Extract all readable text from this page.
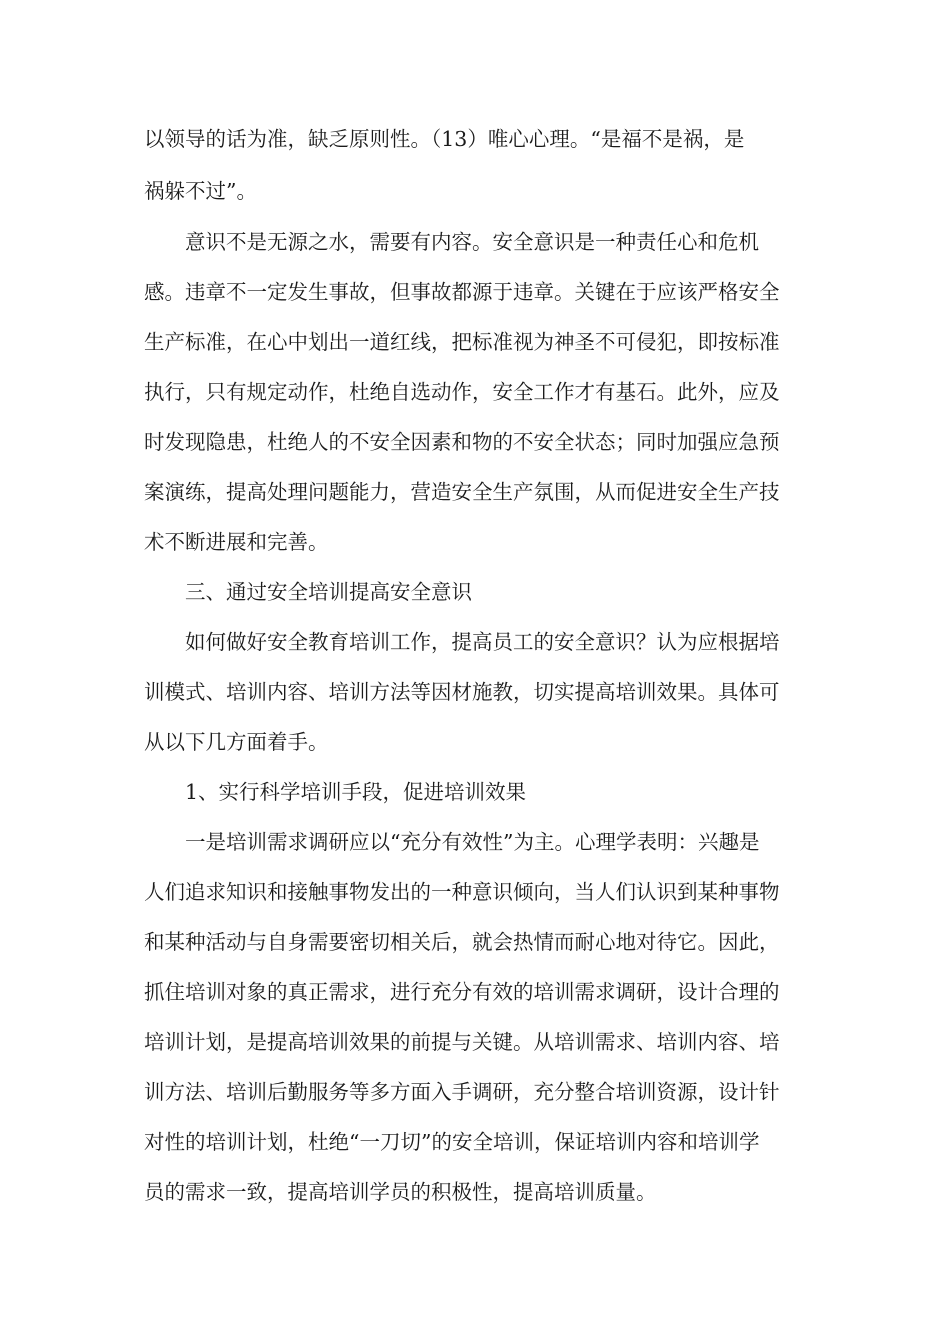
以领导的话为准，缺乏原则性。（13）唯心心理。“是福不是祸，是
祸躲不过”。
意识不是无源之水，需要有内容。安全意识是一种责任心和危机
感。违章不一定发生事故，但事故都源于违章。关键在于应该严格安全
生产标准，在心中划出一道红线，把标准视为神圣不可侵犯，即按标准
执行，只有规定动作，杜绝自选动作，安全工作才有基石。此外，应及
时发现隐患，杜绝人的不安全因素和物的不安全状态；同时加强应急预
案演练，提高处理问题能力，营造安全生产氛围，从而促进安全生产技
术不断进展和完善。
三、通过安全培训提高安全意识
如何做好安全教育培训工作，提高员工的安全意识？认为应根据培
训模式、培训内容、培训方法等因材施教，切实提高培训效果。具体可
从以下几方面着手。
1、实行科学培训手段，促进培训效果
一是培训需求调研应以“充分有效性”为主。心理学表明：兴趣是
人们追求知识和接触事物发出的一种意识倾向，当人们认识到某种事物
和某种活动与自身需要密切相关后，就会热情而耐心地对待它。因此，
抓住培训对象的真正需求，进行充分有效的培训需求调研，设计合理的
培训计划，是提高培训效果的前提与关键。从培训需求、培训内容、培
训方法、培训后勤服务等多方面入手调研，充分整合培训资源，设计针
对性的培训计划，杜绝“一刀切”的安全培训，保证培训内容和培训学
员的需求一致，提高培训学员的积极性，提高培训质量。
